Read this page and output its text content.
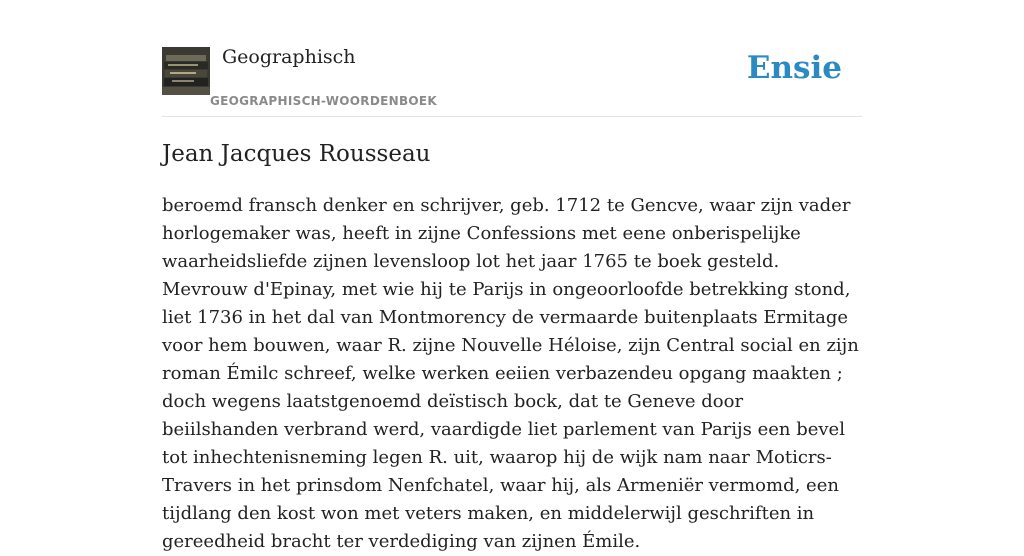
Geographisch
GEOGRAPHISCH-WOORDENBOEK
Ensie
Jean Jacques Rousseau

beroemd fransch denker en schrijver, geb. 1712 te Gencve, waar zijn vader horlogemaker was, heeft in zijne Confessions met eene onberispelijke waarheidsliefde zijnen levensloop lot het jaar 1765 te boek gesteld. Mevrouw d'Epinay, met wie hij te Parijs in ongeoorloofde betrekking stond, liet 1736 in het dal van Montmorency de vermaarde buitenplaats Ermitage voor hem bouwen, waar R. zijne Nouvelle Héloise, zijn Central social en zijn roman Émilc schreef, welke werken eeiien verbazendeu opgang maakten ; doch wegens laatstgenoemd deïstisch bock, dat te Geneve door beiilshanden verbrand werd, vaardigde liet parlement van Parijs een bevel tot inhechtenisneming legen R. uit, waarop hij de wijk nam naar Moticrs-Travers in het prinsdom Nenfchatel, waar hij, als Armeniër vermomd, een tijdlang den kost won met veters maken, en middelerwijl geschriften in gereedheid bracht ter verdediging van zijnen Émile.
